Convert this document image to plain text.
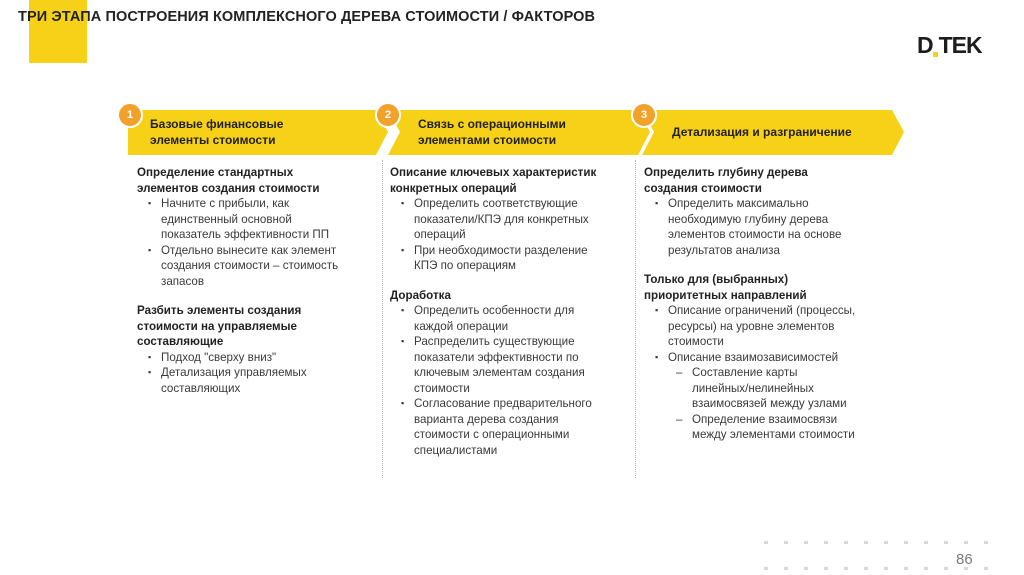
ТРИ ЭТАПА ПОСТРОЕНИЯ КОМПЛЕКСНОГО ДЕРЕВА СТОИМОСТИ / ФАКТОРОВ
D TEK
Базовые финансовые
элементы стоимости
Связь с операционными
элементами стоимости
Детализация и разграничение
1	2	3
Определение стандартных
элементов создания стоимости
▪ Начните с прибыли, как
единственный основной
показатель эффективности ПП
▪ Отдельно вынесите как элемент
создания стоимости – стоимость
запасов
Разбить элементы создания
стоимости на управляемые
составляющие
▪ Подход "сверху вниз"
▪ Детализация управляемых
составляющих
Описание ключевых характеристик
конкретных операций
▪ Определить соответствующие
показатели/КПЭ для конкретных
операций
▪ При необходимости разделение
КПЭ по операциям
Доработка
▪ Определить особенности для
каждой операции
▪ Распределить существующие
показатели эффективности по
ключевым элементам создания
стоимости
▪ Согласование предварительного
варианта дерева создания
стоимости с операционными
специалистами
Определить глубину дерева
создания стоимости
▪ Определить максимально
необходимую глубину дерева
элементов стоимости на основе
результатов анализа
Только для (выбранных)
приоритетных направлений
▪ Описание ограничений (процессы,
ресурсы) на уровне элементов
стоимости
▪ Описание взаимозависимостей
– Составление карты
линейных/нелинейных
взаимосвязей между узлами
– Определение взаимосвязи
между элементами стоимости
86
